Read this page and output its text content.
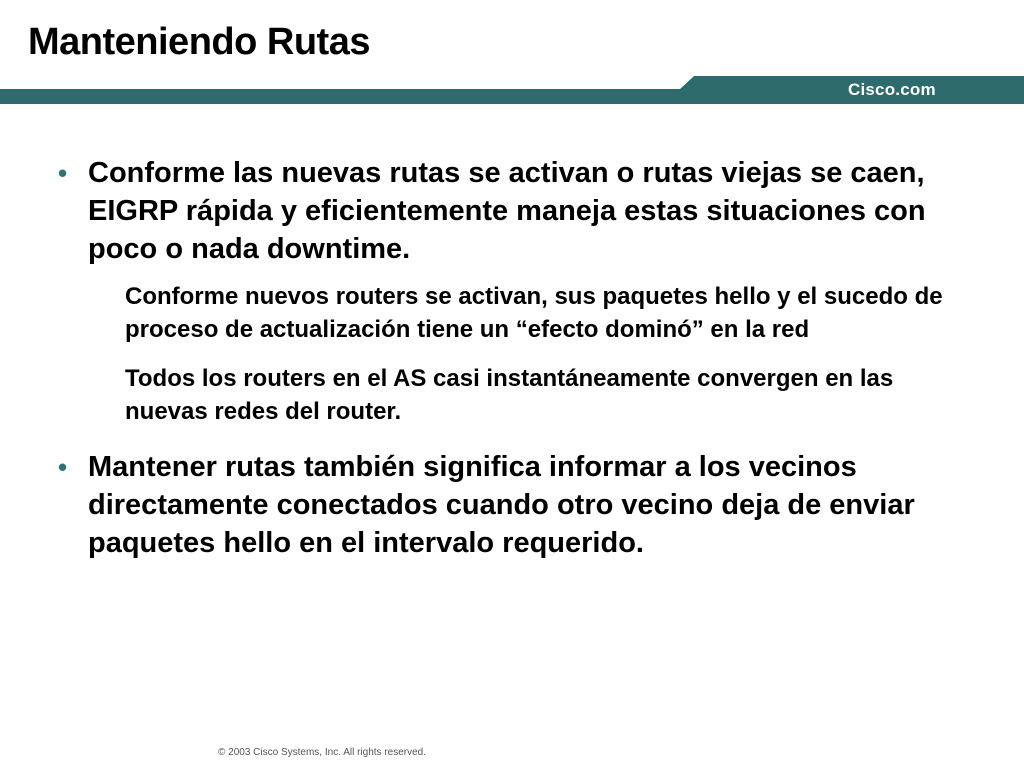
Manteniendo Rutas
Cisco.com
• Conforme las nuevas rutas se activan o rutas viejas se caen, EIGRP rápida y eficientemente maneja estas situaciones con poco o nada downtime.
Conforme nuevos routers se activan, sus paquetes hello y el sucedo de proceso de actualización tiene un “efecto dominó” en la red
Todos los routers en el AS casi instantáneamente convergen en las nuevas redes del router.
• Mantener rutas también significa informar a los vecinos directamente conectados cuando otro vecino deja de enviar paquetes hello en el intervalo requerido.
© 2003 Cisco Systems, Inc. All rights reserved.
